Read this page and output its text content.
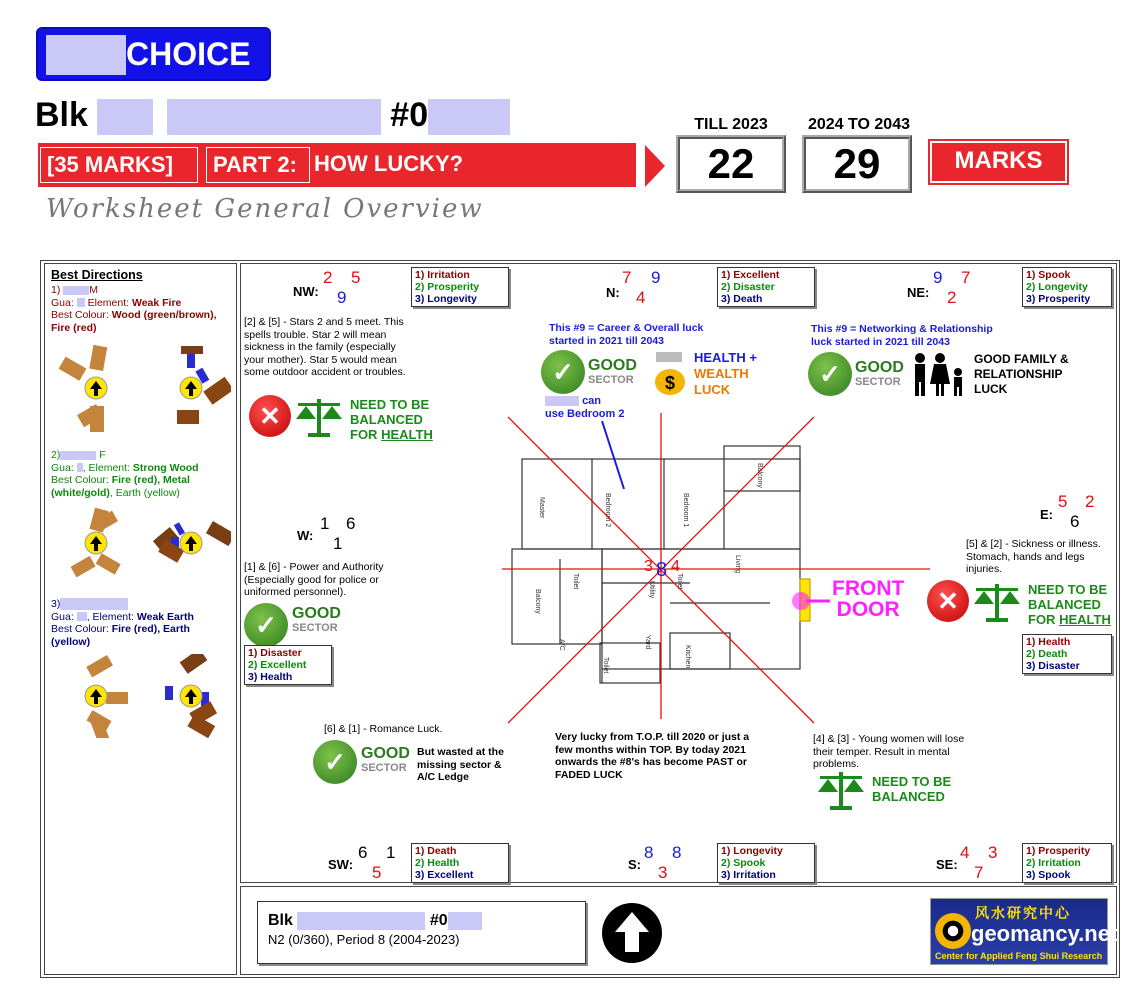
CHOICE
Blk	#0
[35 MARKS]	PART 2: HOW LUCKY?
TILL 2023
22
2024 TO 2043
29	MARKS
Worksheet General Overview
Best Directions
1)	M
Gua: Element: Weak Fire
Best Colour: Wood (green/brown), Fire (red)
2)	F
Gua: , Element: Strong Wood
Best Colour: Fire (red), Metal (white/gold), Earth (yellow)
3)
Gua: , Element: Weak Earth
Best Colour: Fire (red), Earth (yellow)
Balcony
Bedroom 2	Bedroom 1
Master
Living
Toilet	Toilet
Utility
Balcony
Yard
Kitchen
A/C
Toilet
3 8 4
NW:
2 5
9
1) Irritation
2) Prosperity
3) Longevity	N:
7 9
4
1) Excellent
2) Disaster
3) Death	NE:
9 7
2
1) Spook
2) Longevity
3) Prosperity
[2] & [5] - Stars 2 and 5 meet. This spells trouble. Star 2 will mean sickness in the family (especially your mother). Star 5 would mean some outdoor accident or troubles.
✕	NEED TO BE
BALANCED
FOR HEALTH
This #9 = Career & Overall luck started in 2021 till 2043
✓ GOOD
SECTOR $
HEALTH +
WEALTH
LUCK
can
use Bedroom 2
This #9 = Networking & Relationship luck started in 2021 till 2043
✓ GOOD
SECTOR
GOOD FAMILY & RELATIONSHIP LUCK
W:
1 6
1
[1] & [6] - Power and Authority (Especially good for police or uniformed personnel).
✓ GOOD
SECTOR
1) Disaster
2) Excellent
3) Health
E:
5 2
6
[5] & [2] - Sickness or illness. Stomach, hands and legs injuries.
FRONT
DOOR	✕	NEED TO BE
BALANCED
FOR HEALTH
1) Health
2) Death
3) Disaster
[6] & [1] - Romance Luck.
✓ GOOD
SECTOR
But wasted at the missing sector & A/C Ledge
Very lucky from T.O.P. till 2020 or just a few months within TOP. By today 2021 onwards the #8's has become PAST or FADED LUCK
[4] & [3] - Young women will lose their temper. Result in mental problems.
NEED TO BE
BALANCED
SW:
6 1
5
1) Death
2) Health
3) Excellent
S:
8 8
3
1) Longevity
2) Spook
3) Irritation
SE:
4 3
7
1) Prosperity
2) Irritation
3) Spook
Blk	#0
N2 (0/360), Period 8 (2004-2023)
风水研究中心
geomancy.net
Center for Applied Feng Shui Research
